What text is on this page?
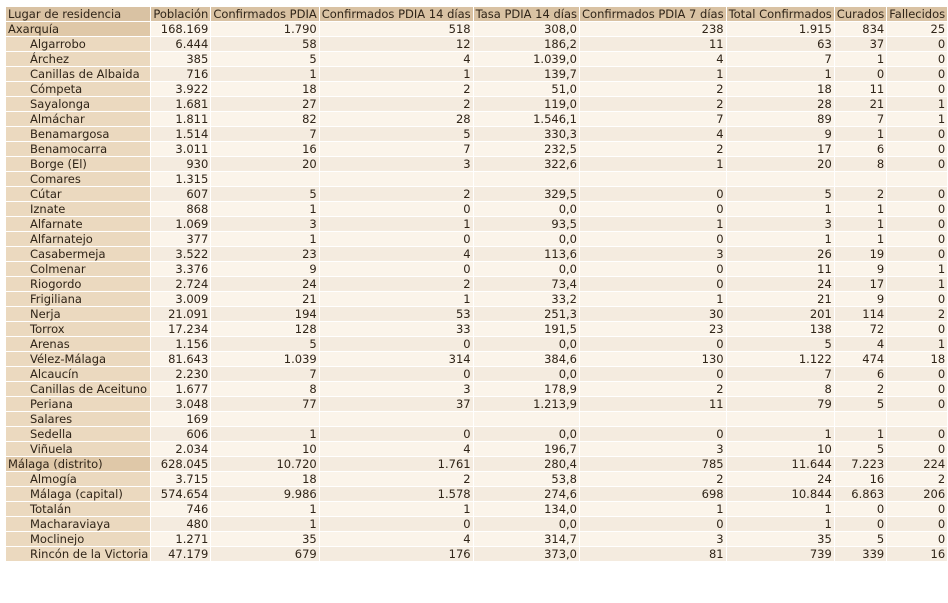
Lugar de residencia	Población	Confirmados PDIA	Confirmados PDIA 14 días	Tasa PDIA 14 días	Confirmados PDIA 7 días	Total Confirmados	Curados	Fallecidos
Axarquía	168.169	1.790	518	308,0	238	1.915	834	25
Algarrobo	6.444	58	12	186,2	11	63	37	0
Árchez	385	5	4	1.039,0	4	7	1	0
Canillas de Albaida	716	1	1	139,7	1	1	0	0
Cómpeta	3.922	18	2	51,0	2	18	11	0
Sayalonga	1.681	27	2	119,0	2	28	21	1
Almáchar	1.811	82	28	1.546,1	7	89	7	1
Benamargosa	1.514	7	5	330,3	4	9	1	0
Benamocarra	3.011	16	7	232,5	2	17	6	0
Borge (El)	930	20	3	322,6	1	20	8	0
Comares	1.315							
Cútar	607	5	2	329,5	0	5	2	0
Iznate	868	1	0	0,0	0	1	1	0
Alfarnate	1.069	3	1	93,5	1	3	1	0
Alfarnatejo	377	1	0	0,0	0	1	1	0
Casabermeja	3.522	23	4	113,6	3	26	19	0
Colmenar	3.376	9	0	0,0	0	11	9	1
Riogordo	2.724	24	2	73,4	0	24	17	1
Frigiliana	3.009	21	1	33,2	1	21	9	0
Nerja	21.091	194	53	251,3	30	201	114	2
Torrox	17.234	128	33	191,5	23	138	72	0
Arenas	1.156	5	0	0,0	0	5	4	1
Vélez-Málaga	81.643	1.039	314	384,6	130	1.122	474	18
Alcaucín	2.230	7	0	0,0	0	7	6	0
Canillas de Aceituno	1.677	8	3	178,9	2	8	2	0
Periana	3.048	77	37	1.213,9	11	79	5	0
Salares	169							
Sedella	606	1	0	0,0	0	1	1	0
Viñuela	2.034	10	4	196,7	3	10	5	0
Málaga (distrito)	628.045	10.720	1.761	280,4	785	11.644	7.223	224
Almogía	3.715	18	2	53,8	2	24	16	2
Málaga (capital)	574.654	9.986	1.578	274,6	698	10.844	6.863	206
Totalán	746	1	1	134,0	1	1	0	0
Macharaviaya	480	1	0	0,0	0	1	0	0
Moclinejo	1.271	35	4	314,7	3	35	5	0
Rincón de la Victoria	47.179	679	176	373,0	81	739	339	16
